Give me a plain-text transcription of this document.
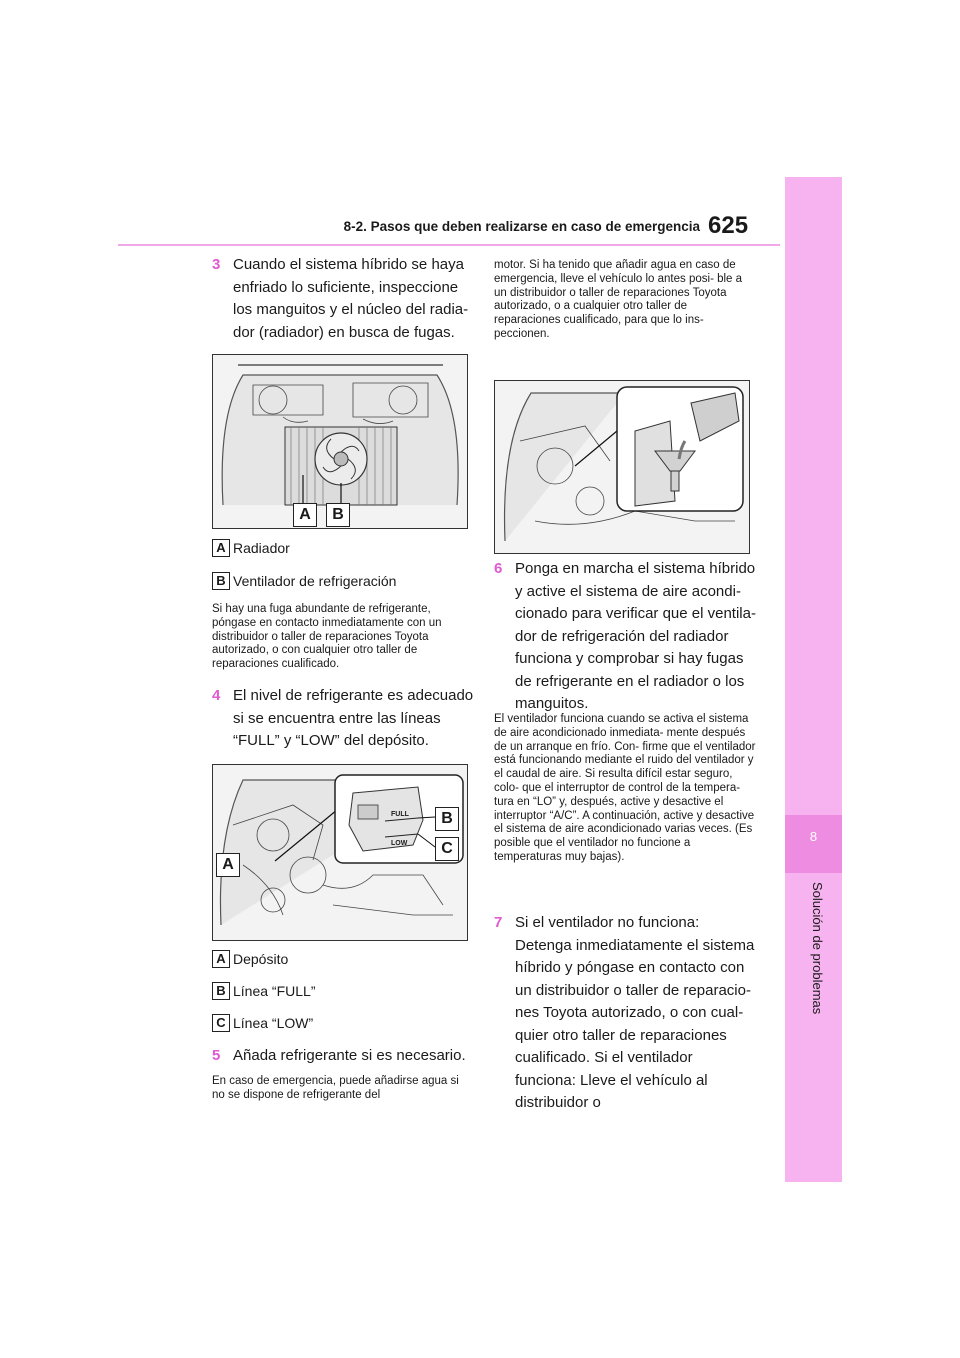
8
Solución de problemas
8-2. Pasos que deben realizarse en caso de emergencia 625
3 Cuando el sistema híbrido se haya enfriado lo suficiente, inspeccione los manguitos y el núcleo del radia- dor (radiador) en busca de fugas.
A	B
A Radiador
B Ventilador de refrigeración
Si hay una fuga abundante de refrigerante, póngase en contacto inmediatamente con un distribuidor o taller de reparaciones Toyota autorizado, o con cualquier otro taller de reparaciones cualificado.
4 El nivel de refrigerante es adecuado si se encuentra entre las líneas “FULL” y “LOW” del depósito.
FULL
LOW
B
C
A
A Depósito
B Línea “FULL”
C Línea “LOW”
5 Añada refrigerante si es necesario.
En caso de emergencia, puede añadirse agua si no se dispone de refrigerante del
motor. Si ha tenido que añadir agua en caso de emergencia, lleve el vehículo lo antes posi- ble a un distribuidor o taller de reparaciones Toyota autorizado, o a cualquier otro taller de reparaciones cualificado, para que lo ins- peccionen.
6 Ponga en marcha el sistema híbrido y active el sistema de aire acondi- cionado para verificar que el ventila- dor de refrigeración del radiador funciona y comprobar si hay fugas de refrigerante en el radiador o los manguitos.
El ventilador funciona cuando se activa el sistema de aire acondicionado inmediata- mente después de un arranque en frío. Con- firme que el ventilador está funcionando mediante el ruido del ventilador y el caudal de aire. Si resulta difícil estar seguro, colo- que el interruptor de control de la tempera- tura en “LO” y, después, active y desactive el interruptor “A/C”. A continuación, active y desactive el sistema de aire acondicionado varias veces. (Es posible que el ventilador no funcione a temperaturas muy bajas).
7 Si el ventilador no funciona: Detenga inmediatamente el sistema híbrido y póngase en contacto con un distribuidor o taller de reparacio- nes Toyota autorizado, o con cual- quier otro taller de reparaciones cualificado. Si el ventilador funciona: Lleve el vehículo al distribuidor o
